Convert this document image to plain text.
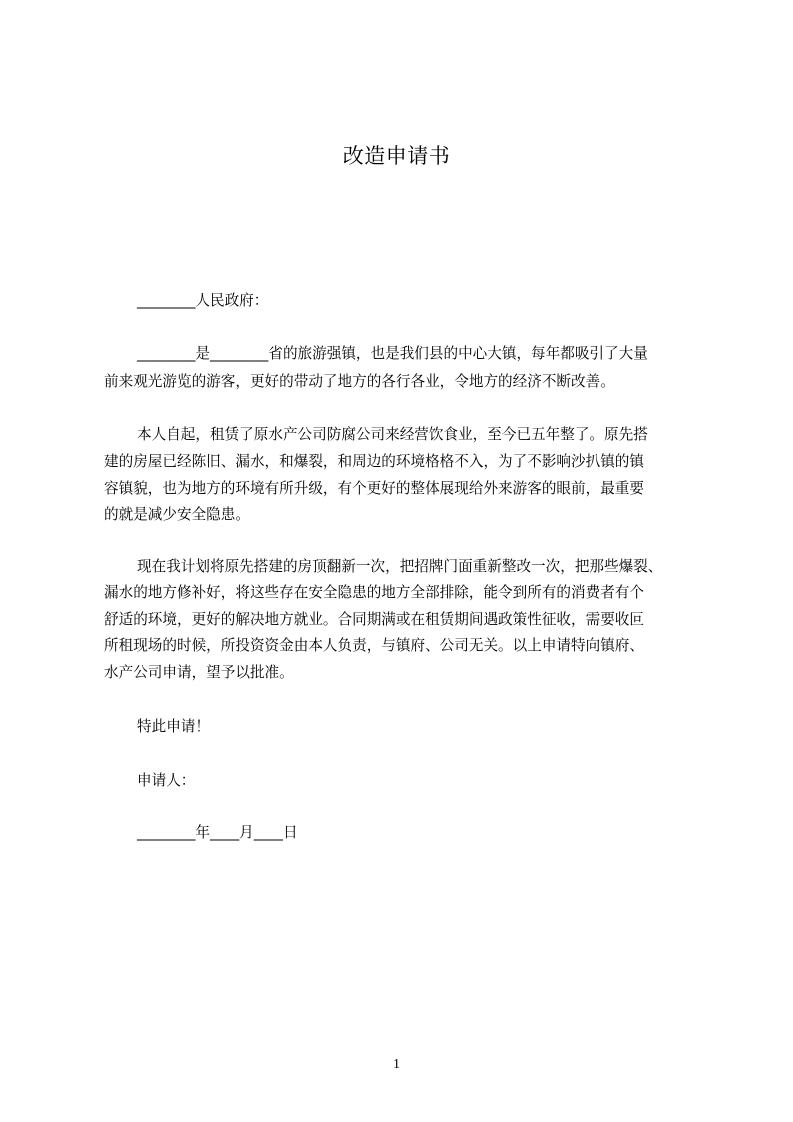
改造申请书
________人民政府：
________是________省的旅游强镇，也是我们县的中心大镇，每年都吸引了大量
前来观光游览的游客，更好的带动了地方的各行各业，令地方的经济不断改善。
本人自起，租赁了原水产公司防腐公司来经营饮食业，至今已五年整了。原先搭
建的房屋已经陈旧、漏水，和爆裂，和周边的环境格格不入，为了不影响沙扒镇的镇
容镇貌，也为地方的环境有所升级，有个更好的整体展现给外来游客的眼前，最重要
的就是减少安全隐患。
现在我计划将原先搭建的房顶翻新一次，把招牌门面重新整改一次，把那些爆裂、
漏水的地方修补好，将这些存在安全隐患的地方全部排除，能令到所有的消费者有个
舒适的环境，更好的解决地方就业。合同期满或在租赁期间遇政策性征收，需要收叵
所租现场的时候，所投资资金由本人负责，与镇府、公司无关。以上申请特向镇府、
水产公司申请，望予以批准。
特此申请！
申请人：
________年____月____日
1
